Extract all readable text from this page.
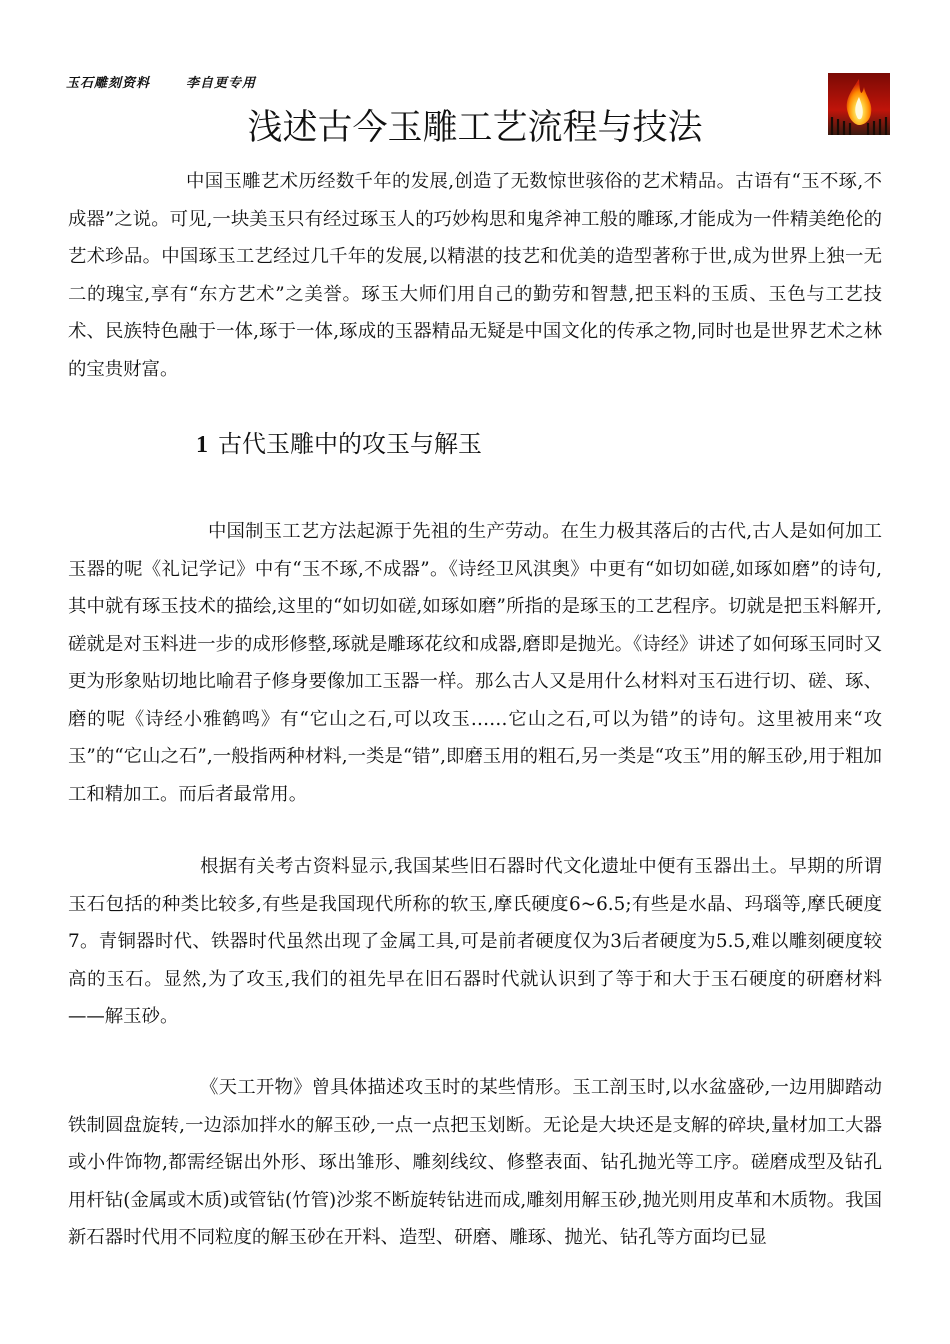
玉石雕刻资料	李自更专用
浅述古今玉雕工艺流程与技法

中国玉雕艺术历经数千年的发展,创造了无数惊世骇俗的艺术精品。古语有“玉不琢,不成器”之说。可见,一块美玉只有经过琢玉人的巧妙构思和鬼斧神工般的雕琢,才能成为一件精美绝伦的艺术珍品。中国琢玉工艺经过几千年的发展,以精湛的技艺和优美的造型著称于世,成为世界上独一无二的瑰宝,享有“东方艺术”之美誉。琢玉大师们用自己的勤劳和智慧,把玉料的玉质、玉色与工艺技术、民族特色融于一体,琢于一体,琢成的玉器精品无疑是中国文化的传承之物,同时也是世界艺术之林的宝贵财富。

1 古代玉雕中的攻玉与解玉

中国制玉工艺方法起源于先祖的生产劳动。在生力极其落后的古代,古人是如何加工玉器的呢《礼记学记》中有“玉不琢,不成器”。《诗经卫风淇奥》中更有“如切如磋,如琢如磨”的诗句,其中就有琢玉技术的描绘,这里的“如切如磋,如琢如磨”所指的是琢玉的工艺程序。切就是把玉料解开,磋就是对玉料进一步的成形修整,琢就是雕琢花纹和成器,磨即是抛光。《诗经》讲述了如何琢玉同时又更为形象贴切地比喻君子修身要像加工玉器一样。那么古人又是用什么材料对玉石进行切、磋、琢、磨的呢《诗经小雅鹤鸣》有“它山之石,可以攻玉……它山之石,可以为错”的诗句。这里被用来“攻玉”的“它山之石”,一般指两种材料,一类是“错”,即磨玉用的粗石,另一类是“攻玉”用的解玉砂,用于粗加工和精加工。而后者最常用。

根据有关考古资料显示,我国某些旧石器时代文化遗址中便有玉器出土。早期的所谓玉石包括的种类比较多,有些是我国现代所称的软玉,摩氏硬度6~6.5;有些是水晶、玛瑙等,摩氏硬度7。青铜器时代、铁器时代虽然出现了金属工具,可是前者硬度仅为3后者硬度为5.5,难以雕刻硬度较高的玉石。显然,为了攻玉,我们的祖先早在旧石器时代就认识到了等于和大于玉石硬度的研磨材料——解玉砂。

《天工开物》曾具体描述攻玉时的某些情形。玉工剖玉时,以水盆盛砂,一边用脚踏动铁制圆盘旋转,一边添加拌水的解玉砂,一点一点把玉划断。无论是大块还是支解的碎块,量材加工大器或小件饰物,都需经锯出外形、琢出雏形、雕刻线纹、修整表面、钻孔抛光等工序。磋磨成型及钻孔用杆钻(金属或木质)或管钻(竹管)沙浆不断旋转钻进而成,雕刻用解玉砂,抛光则用皮革和木质物。我国新石器时代用不同粒度的解玉砂在开料、造型、研磨、雕琢、抛光、钻孔等方面均已显
